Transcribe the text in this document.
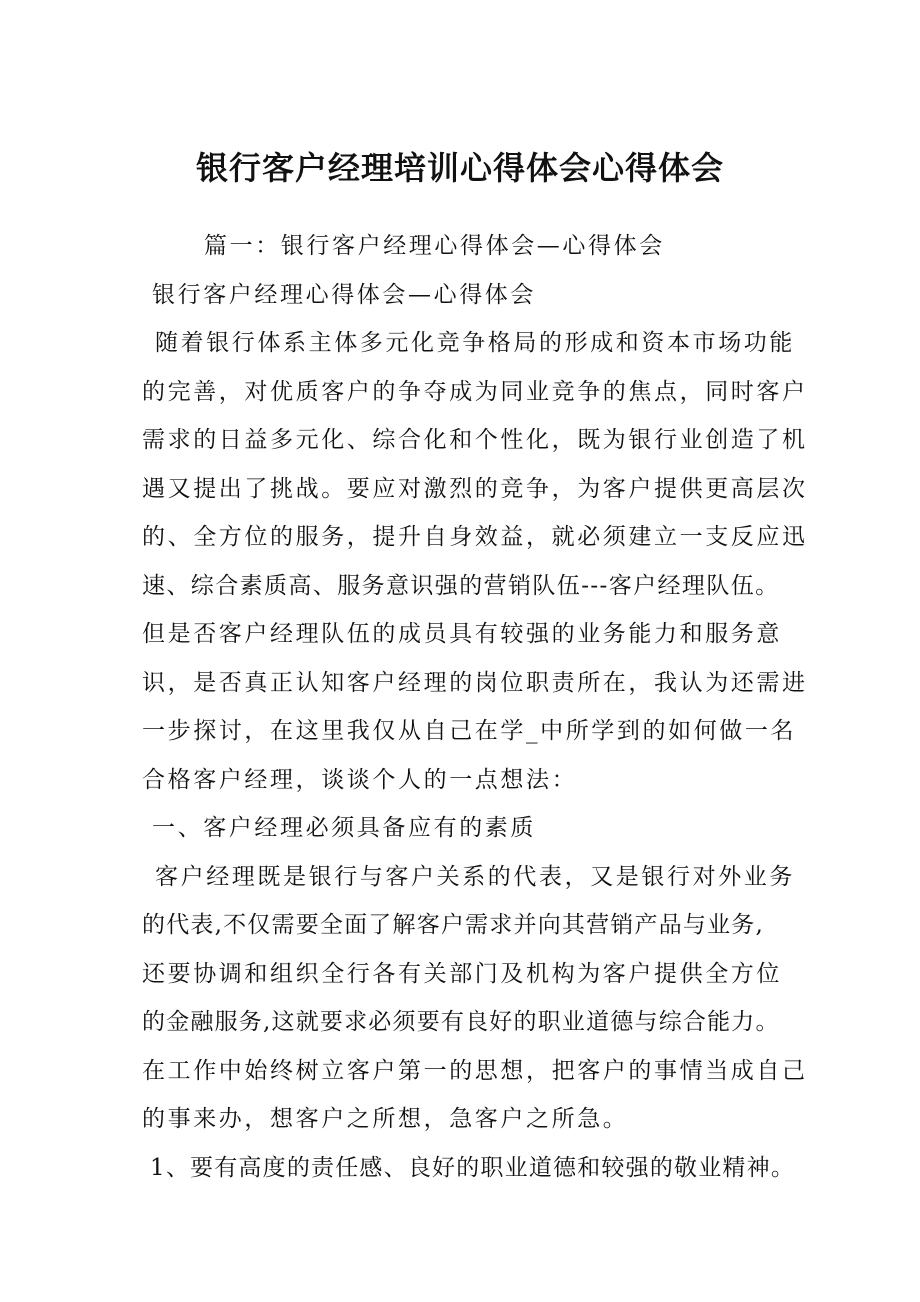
银行客户经理培训心得体会心得体会
篇一：银行客户经理心得体会—心得体会
银行客户经理心得体会—心得体会
随着银行体系主体多元化竞争格局的形成和资本市场功能
的完善，对优质客户的争夺成为同业竞争的焦点，同时客户
需求的日益多元化、综合化和个性化，既为银行业创造了机
遇又提出了挑战。要应对激烈的竞争，为客户提供更高层次
的、全方位的服务，提升自身效益，就必须建立一支反应迅
速、综合素质高、服务意识强的营销队伍---客户经理队伍。
但是否客户经理队伍的成员具有较强的业务能力和服务意
识，是否真正认知客户经理的岗位职责所在，我认为还需进
一步探讨，在这里我仅从自己在学_中所学到的如何做一名
合格客户经理，谈谈个人的一点想法：
一、客户经理必须具备应有的素质
客户经理既是银行与客户关系的代表，又是银行对外业务
的代表,不仅需要全面了解客户需求并向其营销产品与业务,
还要协调和组织全行各有关部门及机构为客户提供全方位
的金融服务,这就要求必须要有良好的职业道德与综合能力。
在工作中始终树立客户第一的思想，把客户的事情当成自己
的事来办，想客户之所想，急客户之所急。
1、要有高度的责任感、良好的职业道德和较强的敬业精神。
